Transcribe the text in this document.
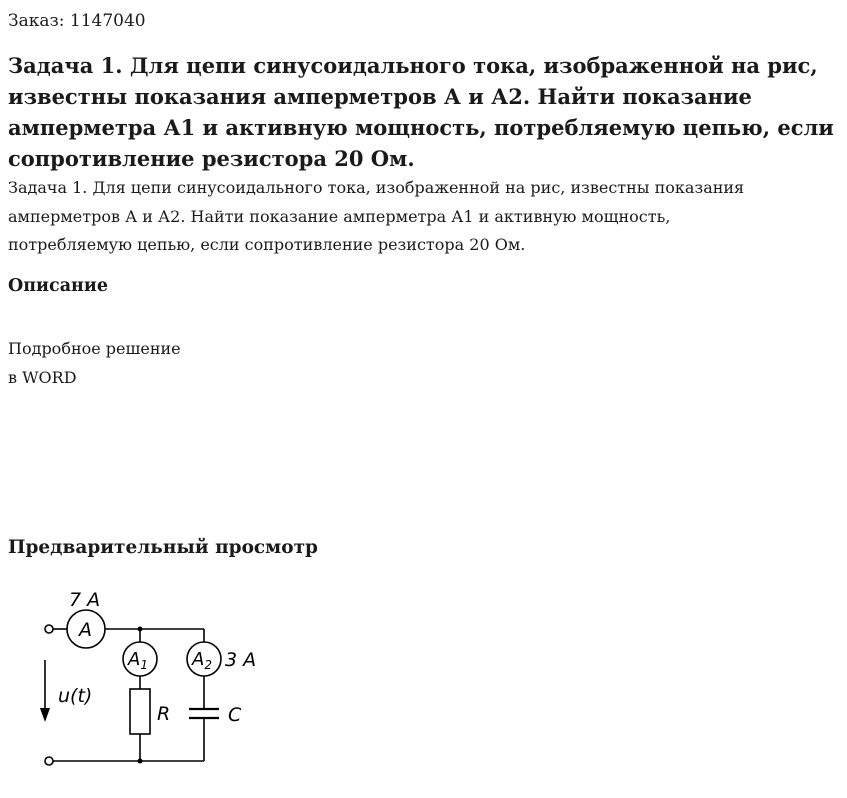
Заказ: 1147040
Задача 1. Для цепи синусоидального тока, изображенной на рис, известны показания амперметров А и А2. Найти показание амперметра А1 и активную мощность, потребляемую цепью, если сопротивление резистора 20 Ом.

Задача 1. Для цепи синусоидального тока, изображенной на рис, известны показания амперметров А и А2. Найти показание амперметра А1 и активную мощность, потребляемую цепью, если сопротивление резистора 20 Ом.

Описание
Подробное решение
в WORD
Предварительный просмотр
7 A
A
$A_1$ $A_2$ 3 A
u(t)
R	C
